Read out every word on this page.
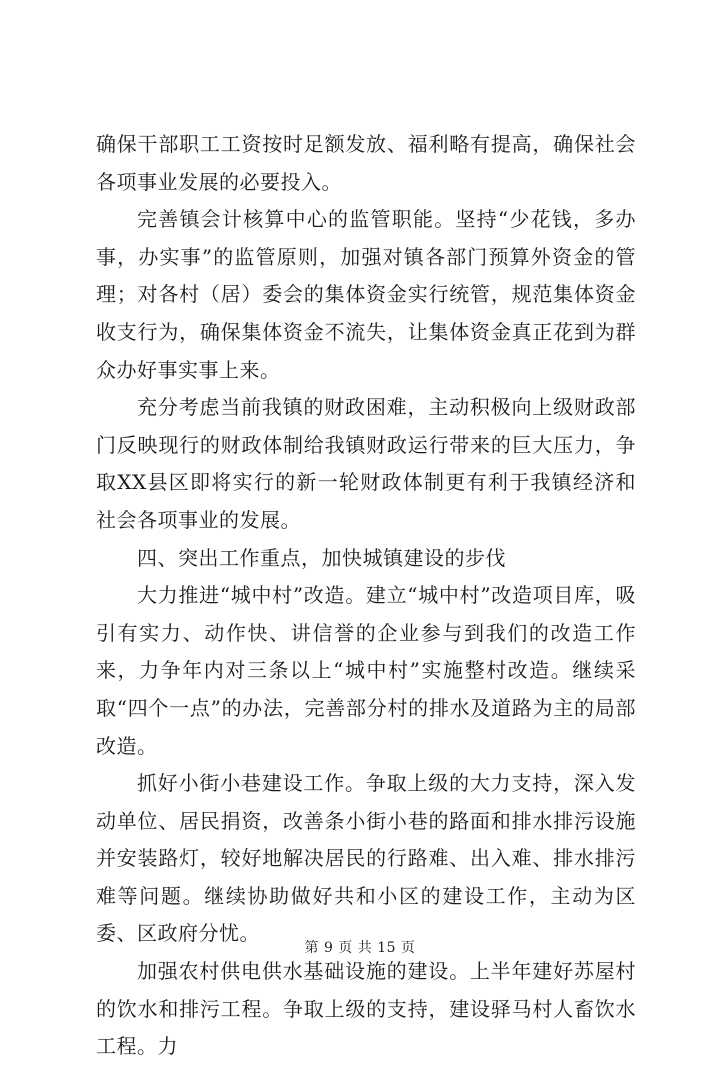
确保干部职工工资按时足额发放、福利略有提高，确保社会各项事业发展的必要投入。

完善镇会计核算中心的监管职能。坚持“少花钱，多办事，办实事”的监管原则，加强对镇各部门预算外资金的管理；对各村（居）委会的集体资金实行统管，规范集体资金收支行为，确保集体资金不流失，让集体资金真正花到为群众办好事实事上来。

充分考虑当前我镇的财政困难，主动积极向上级财政部门反映现行的财政体制给我镇财政运行带来的巨大压力，争取XX县区即将实行的新一轮财政体制更有利于我镇经济和社会各项事业的发展。

四、突出工作重点，加快城镇建设的步伐

大力推进“城中村”改造。建立“城中村”改造项目库，吸引有实力、动作快、讲信誉的企业参与到我们的改造工作来，力争年内对三条以上“城中村”实施整村改造。继续采取“四个一点”的办法，完善部分村的排水及道路为主的局部改造。

抓好小街小巷建设工作。争取上级的大力支持，深入发动单位、居民捐资，改善条小街小巷的路面和排水排污设施并安装路灯，较好地解决居民的行路难、出入难、排水排污难等问题。继续协助做好共和小区的建设工作，主动为区委、区政府分忧。

加强农村供电供水基础设施的建设。上半年建好苏屋村的饮水和排污工程。争取上级的支持，建设驿马村人畜饮水工程。力

第 9 页 共 15 页
